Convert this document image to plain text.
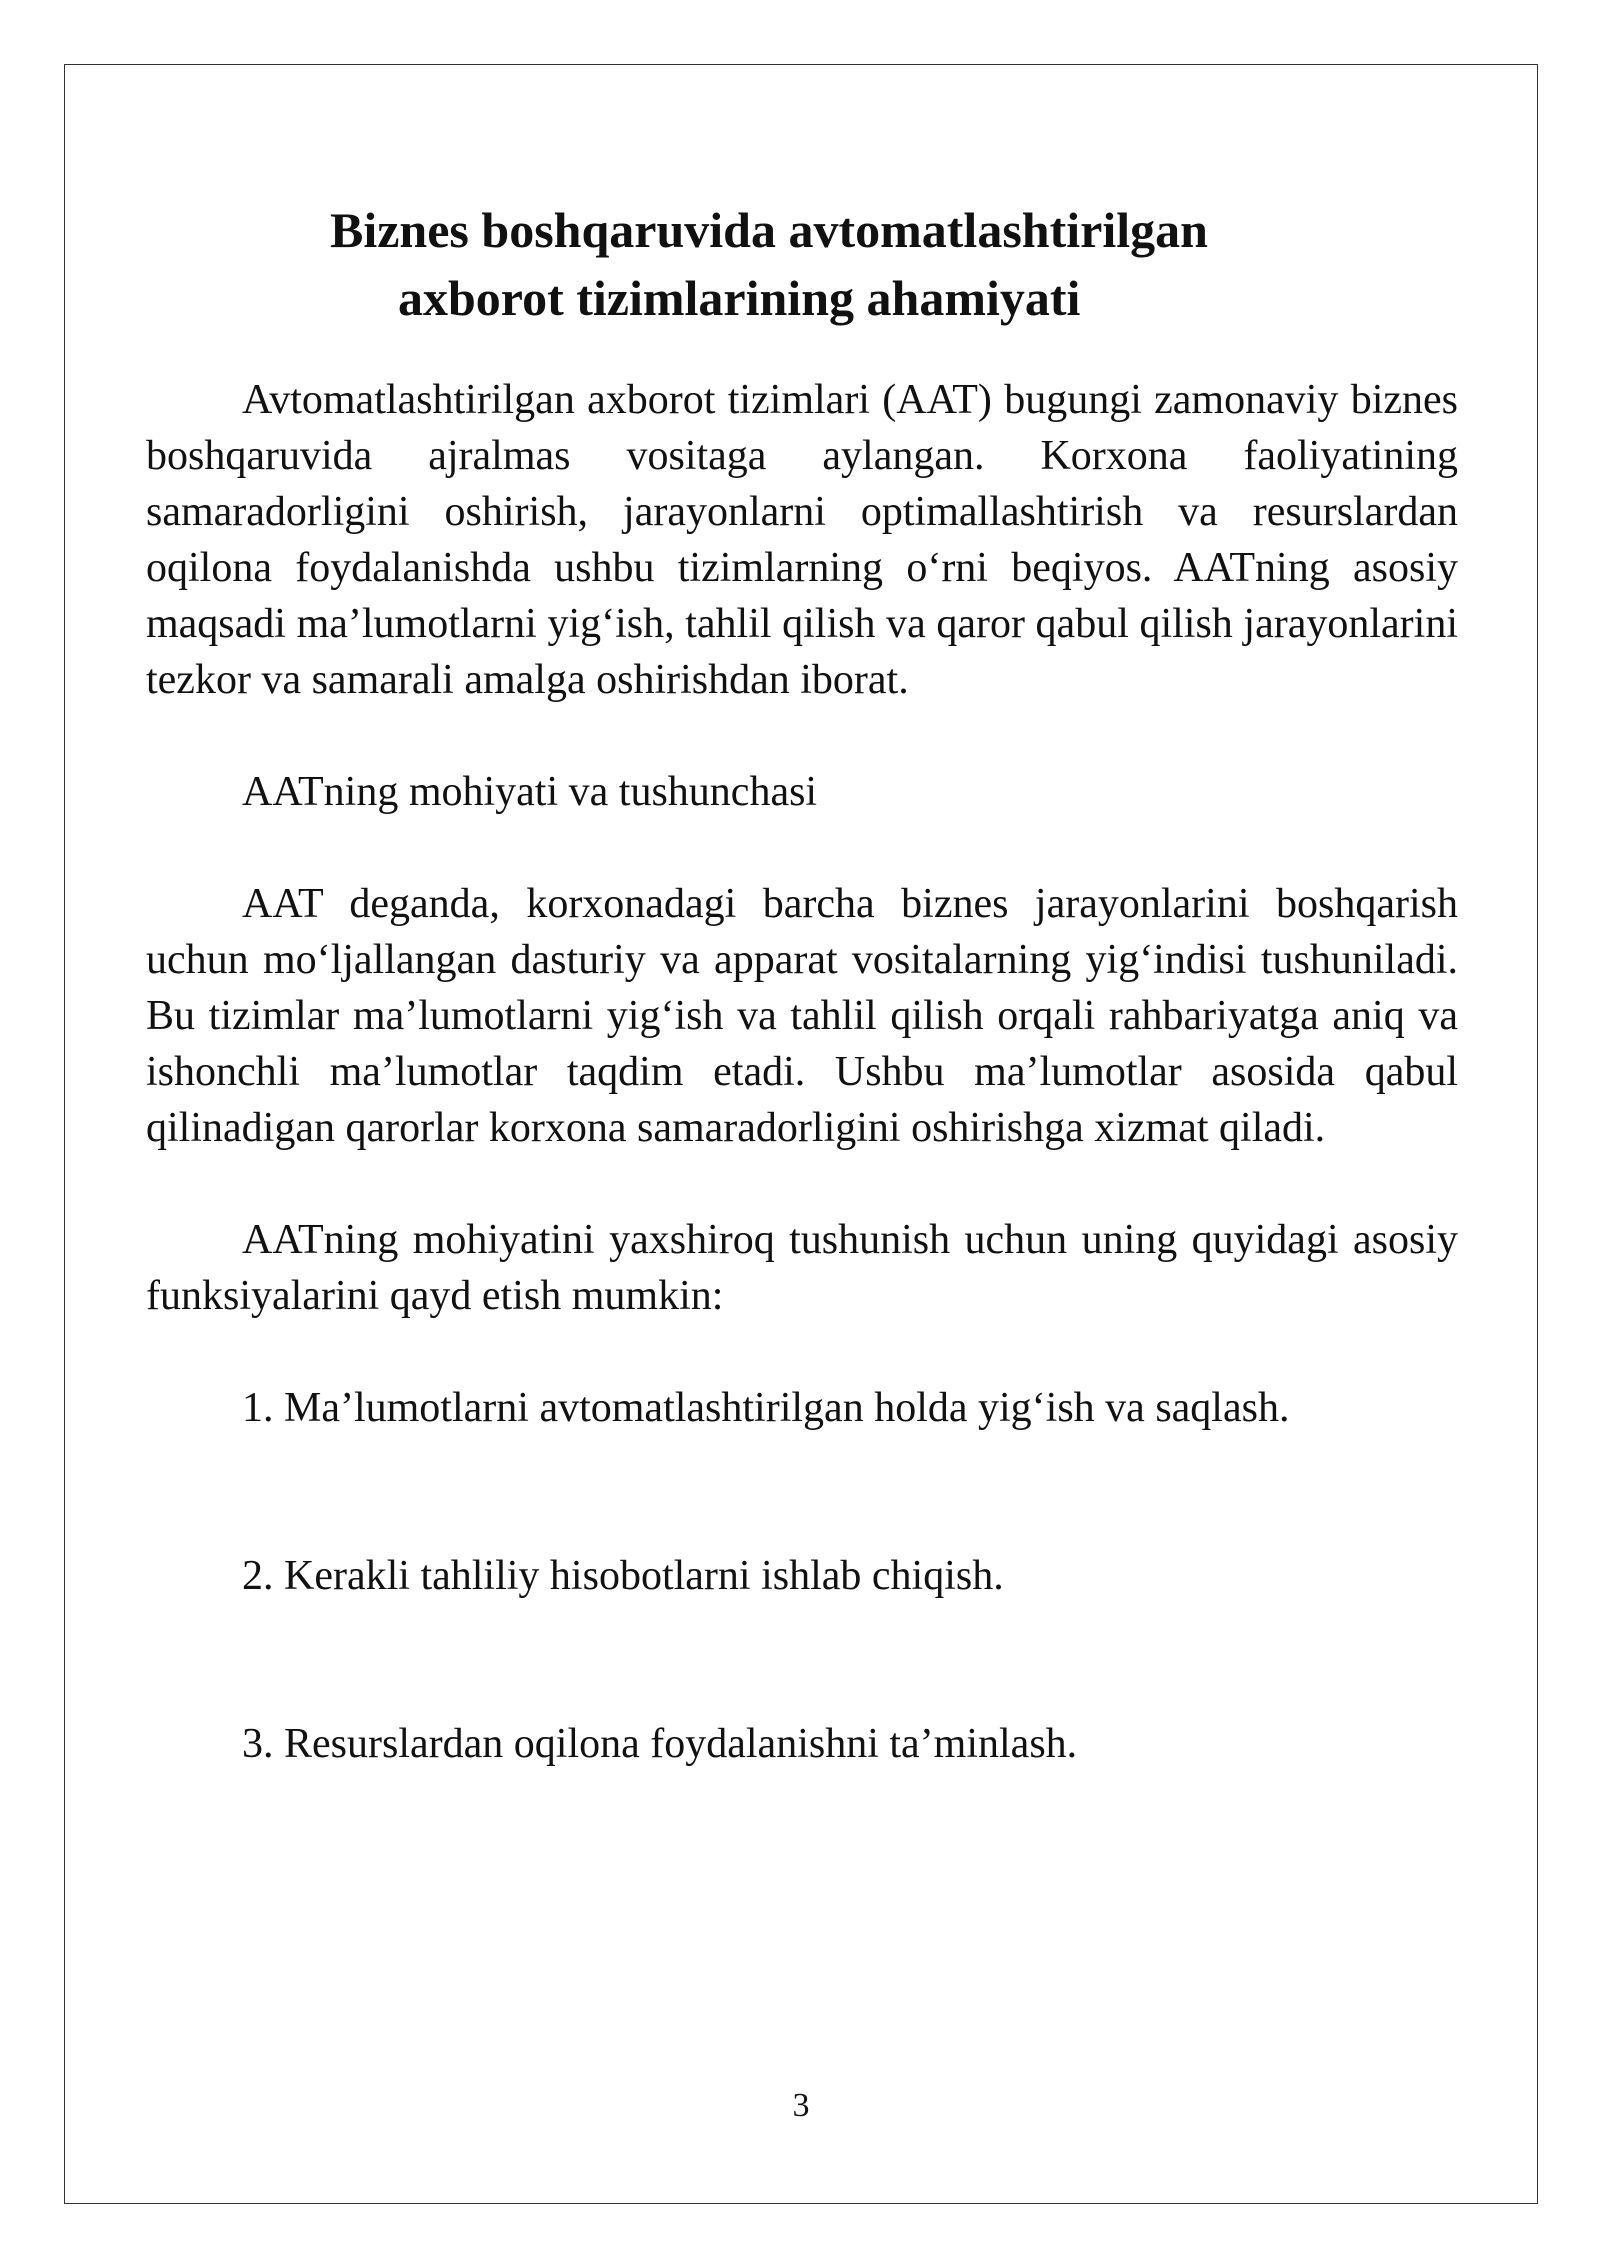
Biznes boshqaruvida avtomatlashtirilgan
axborot tizimlarining ahamiyati

Avtomatlashtirilgan axborot tizimlari (AAT) bugungi zamonaviy biznes boshqaruvida ajralmas vositaga aylangan. Korxona faoliyatining samaradorligini oshirish, jarayonlarni optimallashtirish va resurslardan oqilona foydalanishda ushbu tizimlarning o‘rni beqiyos. AATning asosiy maqsadi ma’lumotlarni yig‘ish, tahlil qilish va qaror qabul qilish jarayonlarini tezkor va samarali amalga oshirishdan iborat.

AATning mohiyati va tushunchasi

AAT deganda, korxonadagi barcha biznes jarayonlarini boshqarish uchun mo‘ljallangan dasturiy va apparat vositalarning yig‘indisi tushuniladi. Bu tizimlar ma’lumotlarni yig‘ish va tahlil qilish orqali rahbariyatga aniq va ishonchli ma’lumotlar taqdim etadi. Ushbu ma’lumotlar asosida qabul qilinadigan qarorlar korxona samaradorligini oshirishga xizmat qiladi.

AATning mohiyatini yaxshiroq tushunish uchun uning quyidagi asosiy funksiyalarini qayd etish mumkin:

1. Ma’lumotlarni avtomatlashtirilgan holda yig‘ish va saqlash.
2. Kerakli tahliliy hisobotlarni ishlab chiqish.
3. Resurslardan oqilona foydalanishni ta’minlash.
3
